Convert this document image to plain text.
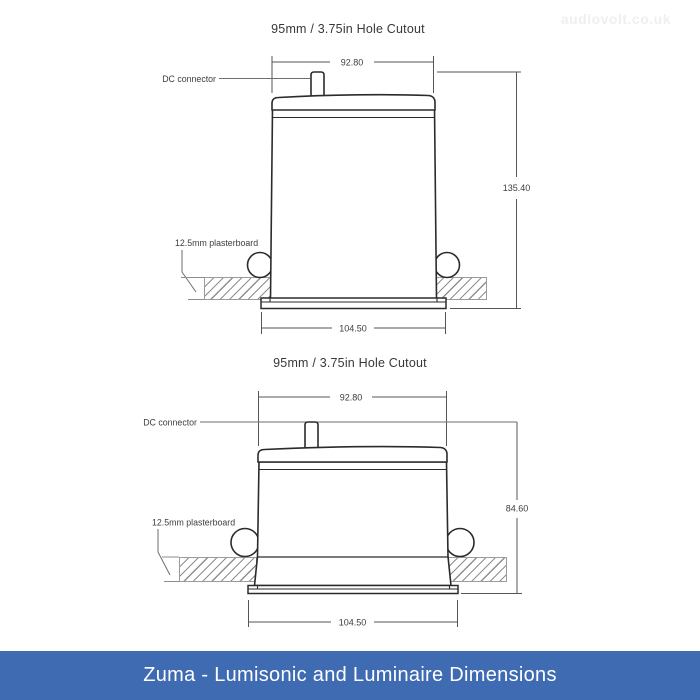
audiovolt.co.uk
95mm / 3.75in Hole Cutout
92.80
135.40
DC connector
12.5mm plasterboard
104.50
95mm / 3.75in Hole Cutout
92.80
84.60
DC connector
12.5mm plasterboard
104.50
Zuma - Lumisonic and Luminaire Dimensions
